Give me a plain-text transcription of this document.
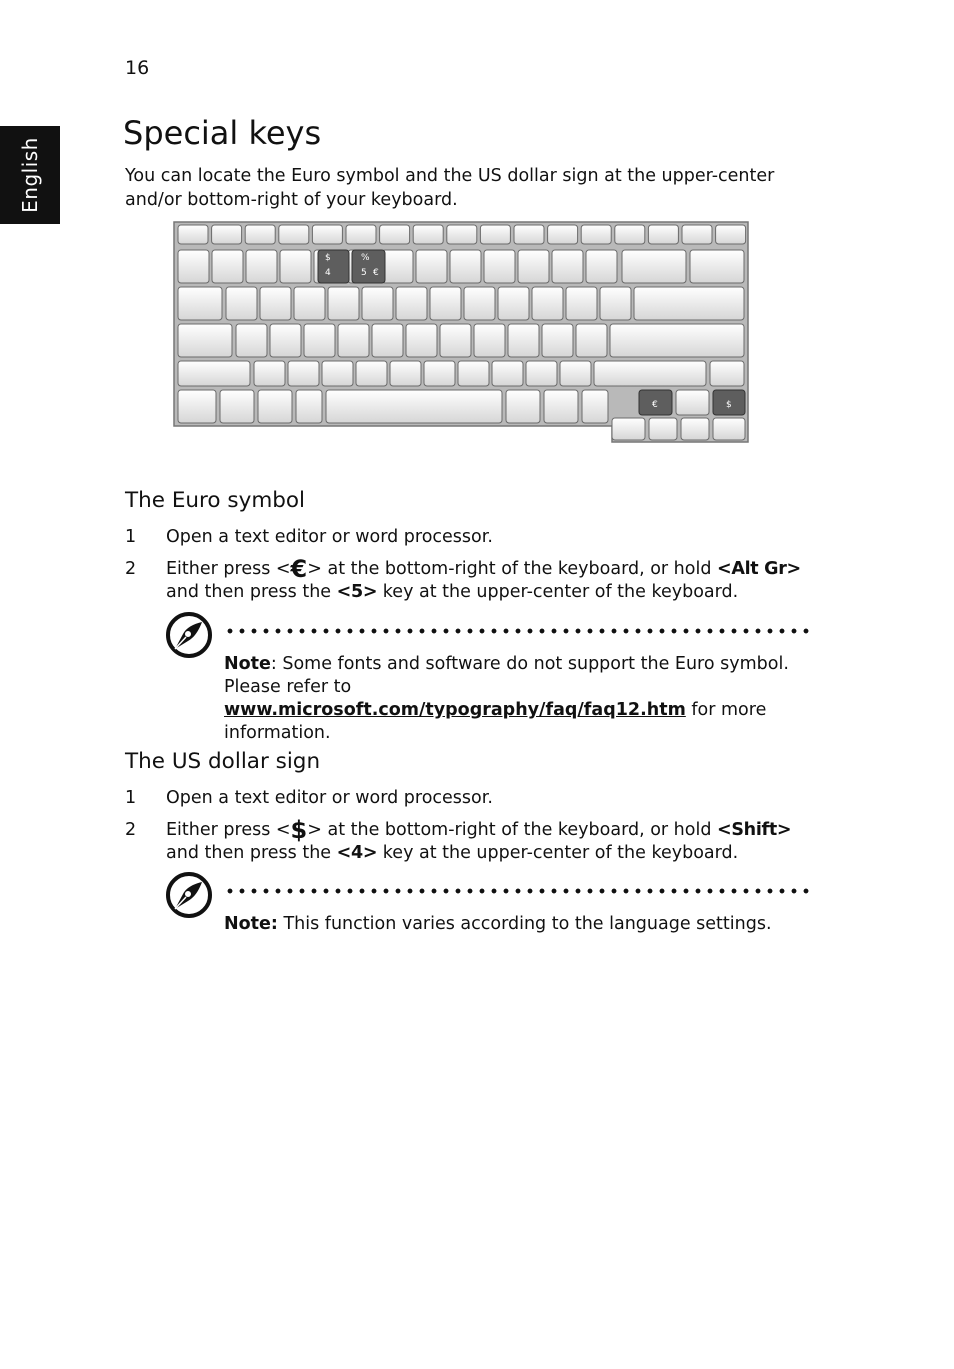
16
English
Special keys

You can locate the Euro symbol and the US dollar sign at the upper-center and/or bottom-right of your keyboard.

$
4
%
5 €
€	$
The Euro symbol
1 Open a text editor or word processor.
2 Either press <€> at the bottom-right of the keyboard, or hold <Alt Gr> and then press the <5> key at the upper-center of the keyboard.
Note: Some fonts and software do not support the Euro symbol. Please refer to www.microsoft.com/typography/faq/faq12.htm for more information.
The US dollar sign
1 Open a text editor or word processor.
2 Either press <$> at the bottom-right of the keyboard, or hold <Shift> and then press the <4> key at the upper-center of the keyboard.
Note: This function varies according to the language settings.
